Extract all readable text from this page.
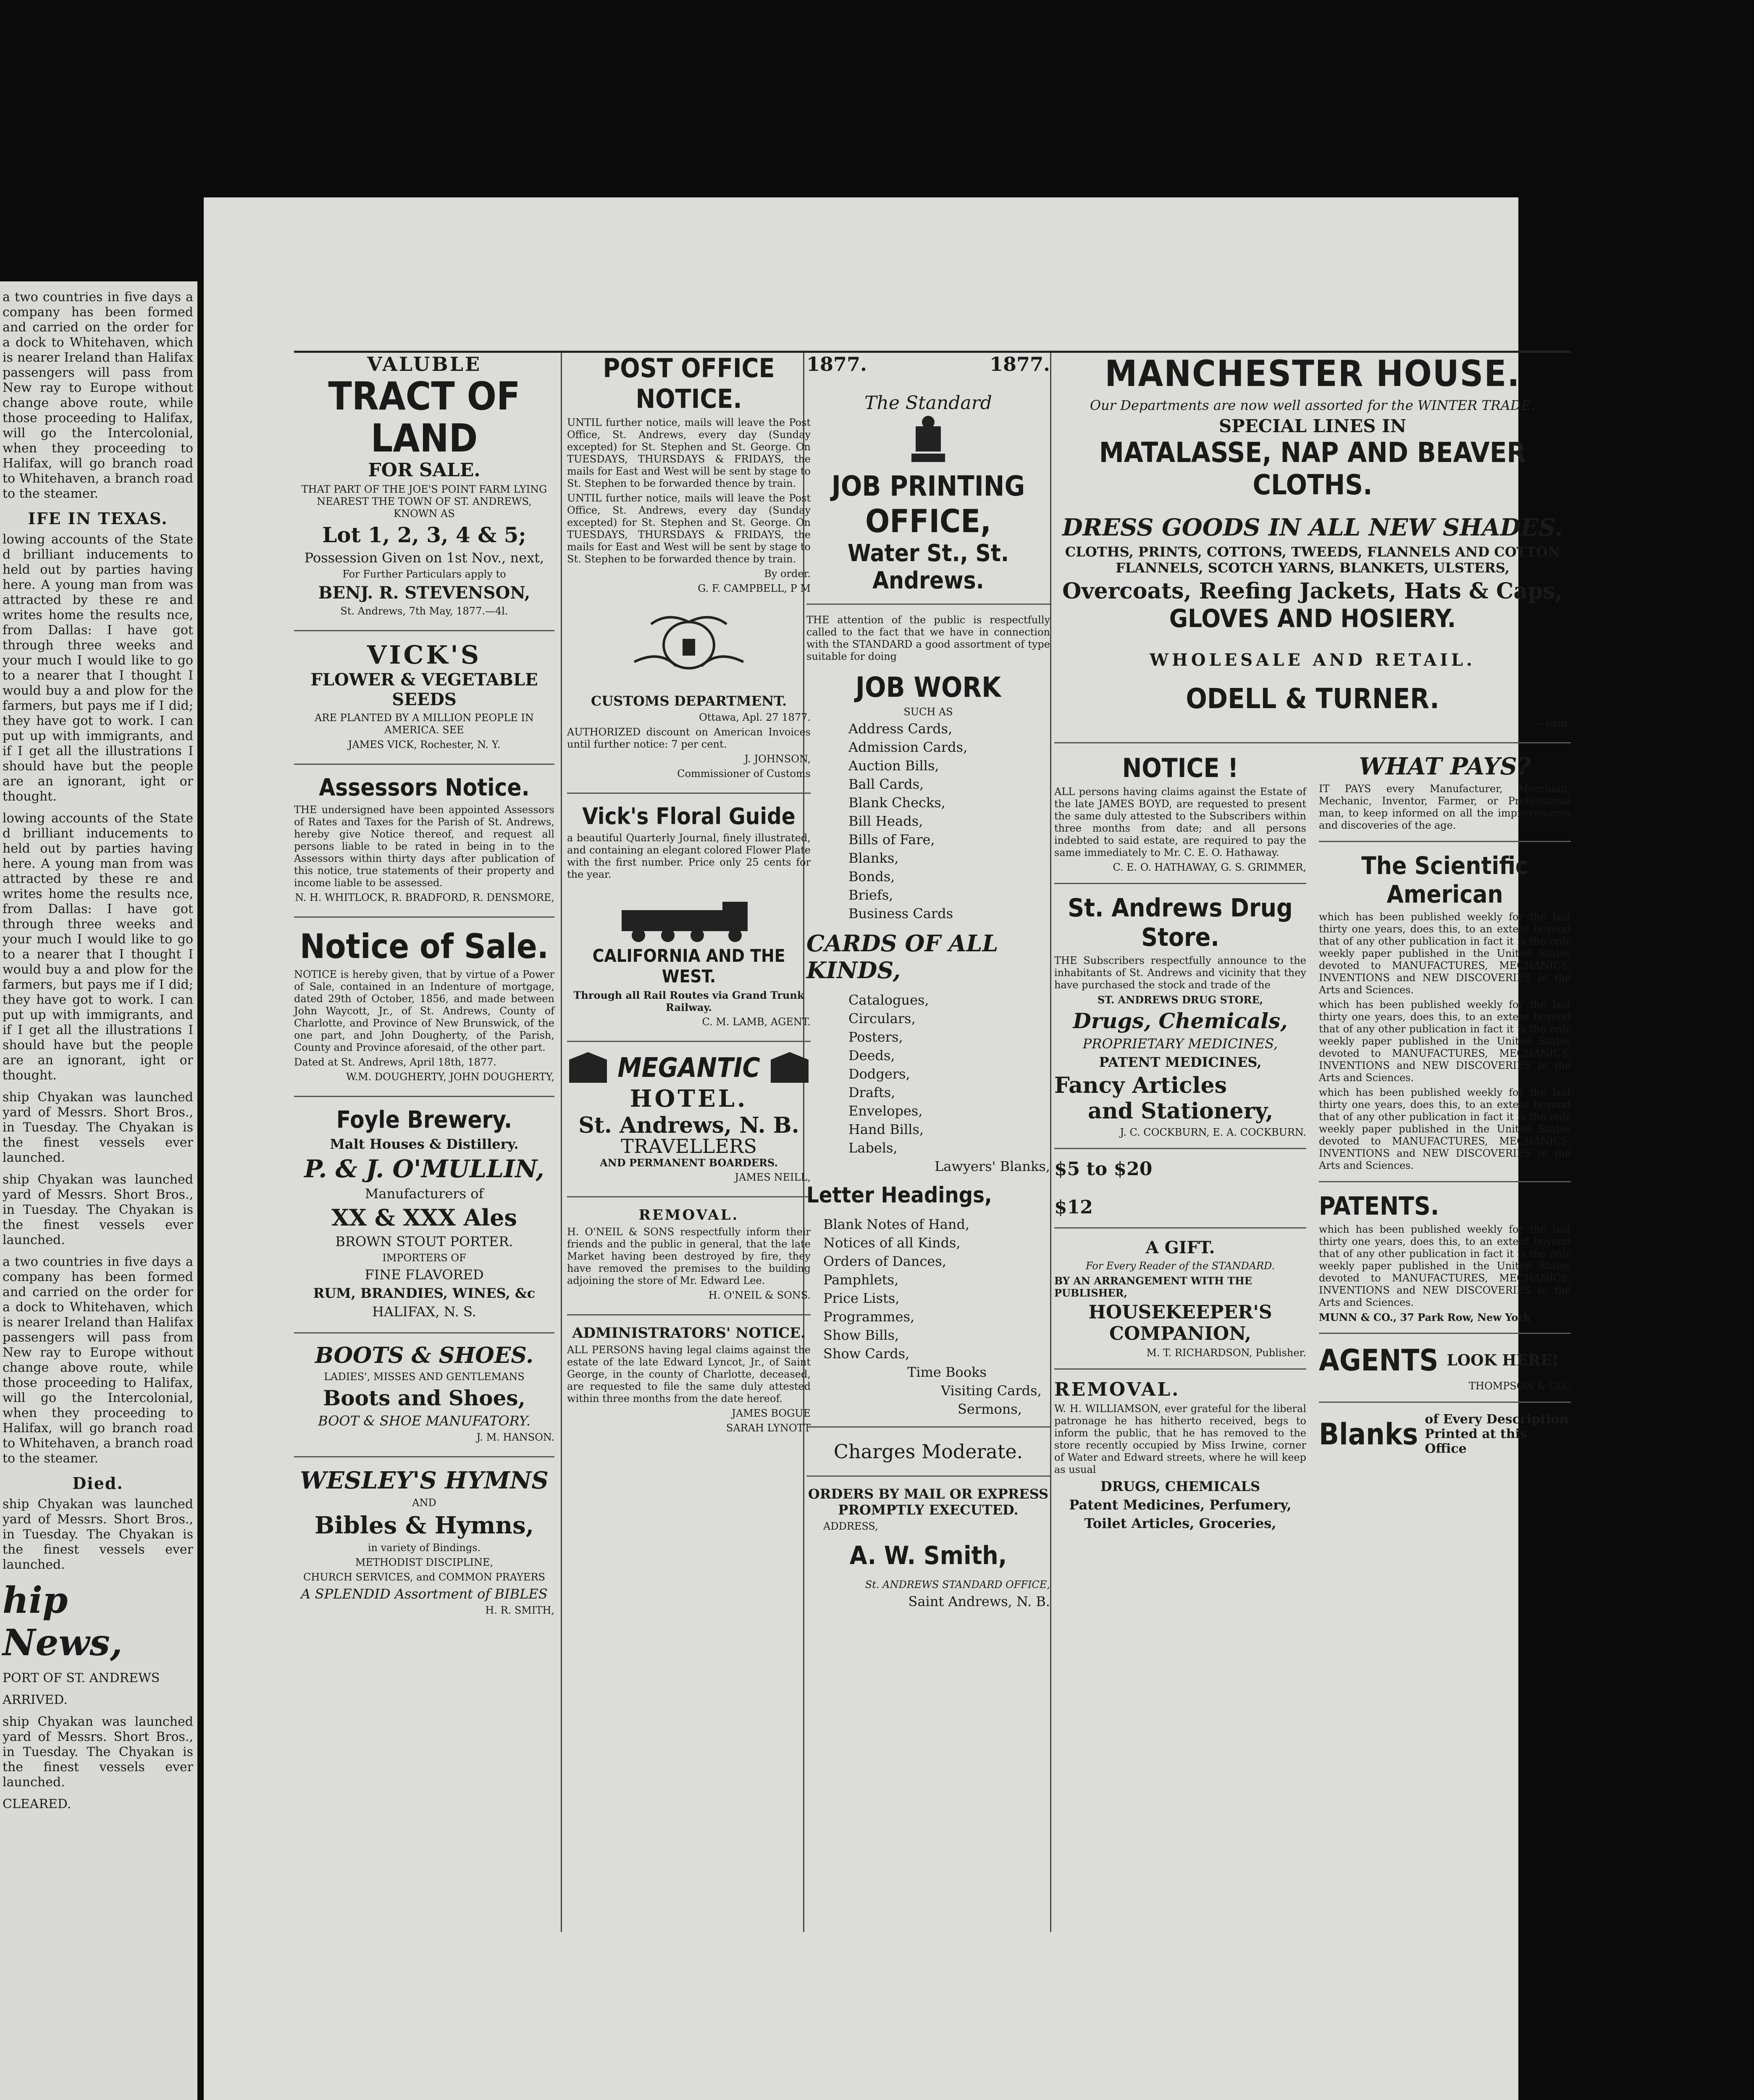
a two countries in five days a company has been formed and carried on the order for a dock to Whitehaven, which is nearer Ireland than Halifax passengers will pass from New ray to Europe without change above route, while those proceeding to Halifax, will go the Intercolonial, when they proceeding to Halifax, will go branch road to Whitehaven, a branch road to the steamer.

IFE IN TEXAS.

lowing accounts of the State d brilliant inducements to held out by parties having here. A young man from was attracted by these re and writes home the results nce, from Dallas: I have got through three weeks and your much I would like to go to a nearer that I thought I would buy a and plow for the farmers, but pays me if I did; they have got to work. I can put up with immigrants, and if I get all the illustrations I should have but the people are an ignorant, ight or thought.

lowing accounts of the State d brilliant inducements to held out by parties having here. A young man from was attracted by these re and writes home the results nce, from Dallas: I have got through three weeks and your much I would like to go to a nearer that I thought I would buy a and plow for the farmers, but pays me if I did; they have got to work. I can put up with immigrants, and if I get all the illustrations I should have but the people are an ignorant, ight or thought.

ship Chyakan was launched yard of Messrs. Short Bros., in Tuesday. The Chyakan is the finest vessels ever launched.

ship Chyakan was launched yard of Messrs. Short Bros., in Tuesday. The Chyakan is the finest vessels ever launched.

a two countries in five days a company has been formed and carried on the order for a dock to Whitehaven, which is nearer Ireland than Halifax passengers will pass from New ray to Europe without change above route, while those proceeding to Halifax, will go the Intercolonial, when they proceeding to Halifax, will go branch road to Whitehaven, a branch road to the steamer.

Died.

ship Chyakan was launched yard of Messrs. Short Bros., in Tuesday. The Chyakan is the finest vessels ever launched.

hip News,

PORT OF ST. ANDREWS

ARRIVED.

ship Chyakan was launched yard of Messrs. Short Bros., in Tuesday. The Chyakan is the finest vessels ever launched.

CLEARED.

VALUBLE
TRACT OF LAND
FOR SALE.

THAT PART OF THE JOE'S POINT FARM LYING NEAREST THE TOWN OF ST. ANDREWS, KNOWN AS

Lot 1, 2, 3, 4 & 5;

Possession Given on 1st Nov., next,

For Further Particulars apply to

BENJ. R. STEVENSON,

St. Andrews, 7th May, 1877.—4l.

VICK'S
FLOWER & VEGETABLE SEEDS

ARE PLANTED BY A MILLION PEOPLE IN AMERICA. SEE

JAMES VICK, Rochester, N. Y.

Assessors Notice.

THE undersigned have been appointed Assessors of Rates and Taxes for the Parish of St. Andrews, hereby give Notice thereof, and request all persons liable to be rated in being in to the Assessors within thirty days after publication of this notice, true statements of their property and income liable to be assessed.

N. H. WHITLOCK, R. BRADFORD, R. DENSMORE,

Notice of Sale.

NOTICE is hereby given, that by virtue of a Power of Sale, contained in an Indenture of mortgage, dated 29th of October, 1856, and made between John Waycott, Jr., of St. Andrews, County of Charlotte, and Province of New Brunswick, of the one part, and John Dougherty, of the Parish, County and Province aforesaid, of the other part.

Dated at St. Andrews, April 18th, 1877.

W.M. DOUGHERTY, JOHN DOUGHERTY,

Foyle Brewery.

Malt Houses & Distillery.

P. & J. O'MULLIN,

Manufacturers of

XX & XXX Ales

BROWN STOUT PORTER.

IMPORTERS OF

FINE FLAVORED

RUM, BRANDIES, WINES, &c

HALIFAX, N. S.

BOOTS & SHOES.

LADIES', MISSES AND GENTLEMANS

Boots and Shoes,

BOOT & SHOE MANUFATORY.

J. M. HANSON.

WESLEY'S HYMNS

AND

Bibles & Hymns,

in variety of Bindings.

METHODIST DISCIPLINE,

CHURCH SERVICES, and COMMON PRAYERS

A SPLENDID Assortment of BIBLES

H. R. SMITH,

POST OFFICE NOTICE.

UNTIL further notice, mails will leave the Post Office, St. Andrews, every day (Sunday excepted) for St. Stephen and St. George. On TUESDAYS, THURSDAYS & FRIDAYS, the mails for East and West will be sent by stage to St. Stephen to be forwarded thence by train.

UNTIL further notice, mails will leave the Post Office, St. Andrews, every day (Sunday excepted) for St. Stephen and St. George. On TUESDAYS, THURSDAYS & FRIDAYS, the mails for East and West will be sent by stage to St. Stephen to be forwarded thence by train.

By order.

G. F. CAMPBELL, P M

CUSTOMS DEPARTMENT.

Ottawa, Apl. 27 1877.

AUTHORIZED discount on American Invoices until further notice: 7 per cent.

J. JOHNSON,

Commissioner of Customs

Vick's Floral Guide

a beautiful Quarterly Journal, finely illustrated, and containing an elegant colored Flower Plate with the first number. Price only 25 cents for the year.

CALIFORNIA AND THE WEST.

Through all Rail Routes via Grand Trunk Railway.

C. M. LAMB, AGENT.

MEGANTIC
HOTEL.
St. Andrews, N. B.
TRAVELLERS

AND PERMANENT BOARDERS.

JAMES NEILL,

REMOVAL.

H. O'NEIL & SONS respectfully inform their friends and the public in general, that the late Market having been destroyed by fire, they have removed the premises to the building adjoining the store of Mr. Edward Lee.

H. O'NEIL & SONS.

ADMINISTRATORS' NOTICE.

ALL PERSONS having legal claims against the estate of the late Edward Lyncot, Jr., of Saint George, in the county of Charlotte, deceased, are requested to file the same duly attested within three months from the date hereof.

JAMES BOGUE

SARAH LYNOTT

1877.	1877.
The Standard
JOB PRINTING
OFFICE,
Water St., St. Andrews.

THE attention of the public is respectfully called to the fact that we have in connection with the STANDARD a good assortment of type suitable for doing

JOB WORK

SUCH AS

Address Cards,

Admission Cards,

Auction Bills,

Ball Cards,

Blank Checks,

Bill Heads,

Bills of Fare,

Blanks,

Bonds,

Briefs,

Business Cards

CARDS OF ALL KINDS,

Catalogues,

Circulars,

Posters,

Deeds,

Dodgers,

Drafts,

Envelopes,

Hand Bills,

Labels,

Lawyers' Blanks,

Letter Headings,

Blank Notes of Hand,

Notices of all Kinds,

Orders of Dances,

Pamphlets,

Price Lists,

Programmes,

Show Bills,

Show Cards,

Time Books

Visiting Cards,

Sermons,

Charges Moderate.

ORDERS BY MAIL OR EXPRESS PROMPTLY EXECUTED.

ADDRESS,

A. W. Smith,

St. ANDREWS STANDARD OFFICE,

Saint Andrews, N. B.

MANCHESTER HOUSE.

Our Departments are now well assorted for the WINTER TRADE.

SPECIAL LINES IN
MATALASSE, NAP AND BEAVER CLOTHS.
DRESS GOODS IN ALL NEW SHADES.

CLOTHS, PRINTS, COTTONS, TWEEDS, FLANNELS AND COTTON FLANNELS, SCOTCH YARNS, BLANKETS, ULSTERS,

Overcoats, Reefing Jackets, Hats & Caps,
GLOVES AND HOSIERY.
WHOLESALE AND RETAIL.
ODELL & TURNER.

—paid.

NOTICE !

ALL persons having claims against the Estate of the late JAMES BOYD, are requested to present the same duly attested to the Subscribers within three months from date; and all persons indebted to said estate, are required to pay the same immediately to Mr. C. E. O. Hathaway.

C. E. O. HATHAWAY, G. S. GRIMMER,

St. Andrews Drug Store.

THE Subscribers respectfully announce to the inhabitants of St. Andrews and vicinity that they have purchased the stock and trade of the

ST. ANDREWS DRUG STORE,

Drugs, Chemicals,

PROPRIETARY MEDICINES,

PATENT MEDICINES,

Fancy Articles
and Stationery,

J. C. COCKBURN, E. A. COCKBURN.

$5 to $20
$12
A GIFT.

For Every Reader of the STANDARD.

BY AN ARRANGEMENT WITH THE PUBLISHER,

HOUSEKEEPER'S COMPANION,

M. T. RICHARDSON, Publisher.

REMOVAL.

W. H. WILLIAMSON, ever grateful for the liberal patronage he has hitherto received, begs to inform the public, that he has removed to the store recently occupied by Miss Irwine, corner of Water and Edward streets, where he will keep as usual

DRUGS, CHEMICALS

Patent Medicines, Perfumery,

Toilet Articles, Groceries,

WHAT PAYS?

IT PAYS every Manufacturer, Merchant, Mechanic, Inventor, Farmer, or Professional man, to keep informed on all the improvements and discoveries of the age.

The Scientific American

which has been published weekly for the last thirty one years, does this, to an extent beyond that of any other publication in fact it is the only weekly paper published in the United States devoted to MANUFACTURES, MECHANICS, INVENTIONS and NEW DISCOVERIES in the Arts and Sciences.

which has been published weekly for the last thirty one years, does this, to an extent beyond that of any other publication in fact it is the only weekly paper published in the United States devoted to MANUFACTURES, MECHANICS, INVENTIONS and NEW DISCOVERIES in the Arts and Sciences.

which has been published weekly for the last thirty one years, does this, to an extent beyond that of any other publication in fact it is the only weekly paper published in the United States devoted to MANUFACTURES, MECHANICS, INVENTIONS and NEW DISCOVERIES in the Arts and Sciences.

PATENTS.

which has been published weekly for the last thirty one years, does this, to an extent beyond that of any other publication in fact it is the only weekly paper published in the United States devoted to MANUFACTURES, MECHANICS, INVENTIONS and NEW DISCOVERIES in the Arts and Sciences.

MUNN & CO., 37 Park Row, New York

AGENTS LOOK HERE!

THOMPSON & CO.,

Blanks of Every Description Printed at this Office
